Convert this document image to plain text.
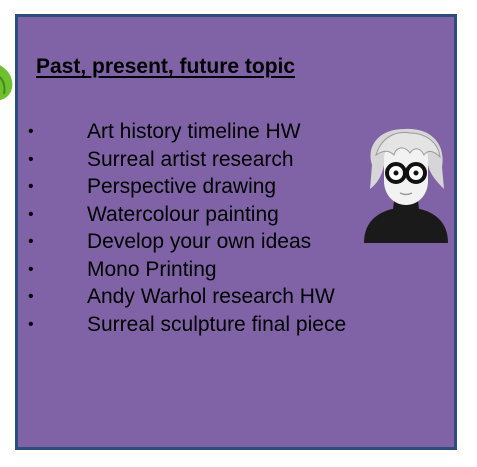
Past, present, future topic
•	Art history timeline HW
•	Surreal artist research
•	Perspective drawing
•	Watercolour painting
•	Develop your own ideas
•	Mono Printing
•	Andy Warhol research HW
•	Surreal sculpture final piece
